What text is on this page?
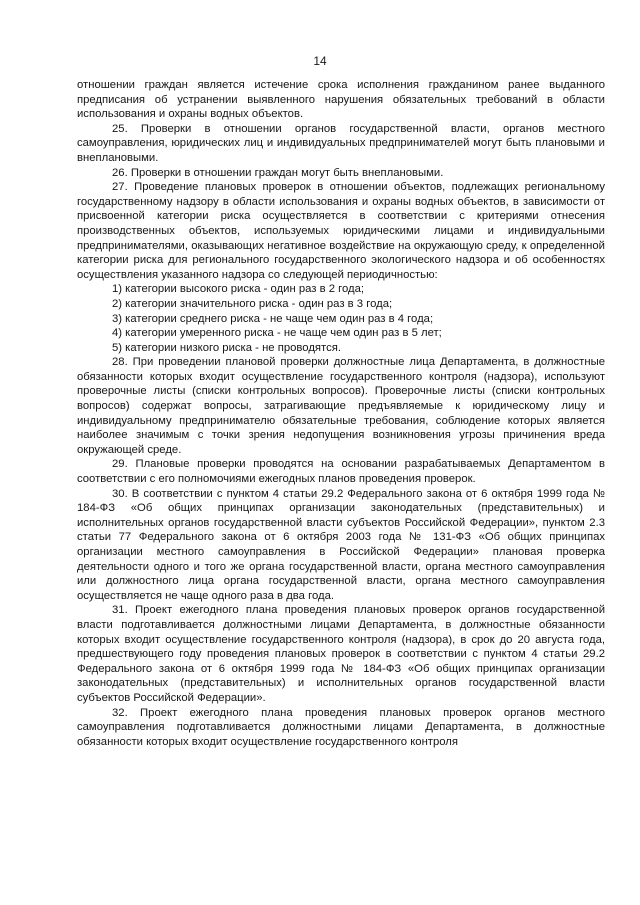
14

отношении граждан является истечение срока исполнения гражданином ранее выданного предписания об устранении выявленного нарушения обязательных требований в области использования и охраны водных объектов.

25. Проверки в отношении органов государственной власти, органов местного самоуправления, юридических лиц и индивидуальных предпринимателей могут быть плановыми и внеплановыми.

26. Проверки в отношении граждан могут быть внеплановыми.

27. Проведение плановых проверок в отношении объектов, подлежащих региональному государственному надзору в области использования и охраны водных объектов, в зависимости от присвоенной категории риска осуществляется в соответствии с критериями отнесения производственных объектов, используемых юридическими лицами и индивидуальными предпринимателями, оказывающих негативное воздействие на окружающую среду, к определенной категории риска для регионального государственного экологического надзора и об особенностях осуществления указанного надзора со следующей периодичностью:

1) категории высокого риска - один раз в 2 года;

2) категории значительного риска - один раз в 3 года;

3) категории среднего риска - не чаще чем один раз в 4 года;

4) категории умеренного риска - не чаще чем один раз в 5 лет;

5) категории низкого риска - не проводятся.

28. При проведении плановой проверки должностные лица Департамента, в должностные обязанности которых входит осуществление государственного контроля (надзора), используют проверочные листы (списки контрольных вопросов). Проверочные листы (списки контрольных вопросов) содержат вопросы, затрагивающие предъявляемые к юридическому лицу и индивидуальному предпринимателю обязательные требования, соблюдение которых является наиболее значимым с точки зрения недопущения возникновения угрозы причинения вреда окружающей среде.

29. Плановые проверки проводятся на основании разрабатываемых Департаментом в соответствии с его полномочиями ежегодных планов проведения проверок.

30. В соответствии с пунктом 4 статьи 29.2 Федерального закона от 6 октября 1999 года № 184-ФЗ «Об общих принципах организации законодательных (представительных) и исполнительных органов государственной власти субъектов Российской Федерации», пунктом 2.3 статьи 77 Федерального закона от 6 октября 2003 года № 131-ФЗ «Об общих принципах организации местного самоуправления в Российской Федерации» плановая проверка деятельности одного и того же органа государственной власти, органа местного самоуправления или должностного лица органа государственной власти, органа местного самоуправления осуществляется не чаще одного раза в два года.

31. Проект ежегодного плана проведения плановых проверок органов государственной власти подготавливается должностными лицами Департамента, в должностные обязанности которых входит осуществление государственного контроля (надзора), в срок до 20 августа года, предшествующего году проведения плановых проверок в соответствии с пунктом 4 статьи 29.2 Федерального закона от 6 октября 1999 года № 184-ФЗ «Об общих принципах организации законодательных (представительных) и исполнительных органов государственной власти субъектов Российской Федерации».

32. Проект ежегодного плана проведения плановых проверок органов местного самоуправления подготавливается должностными лицами Департамента, в должностные обязанности которых входит осуществление государственного контроля
